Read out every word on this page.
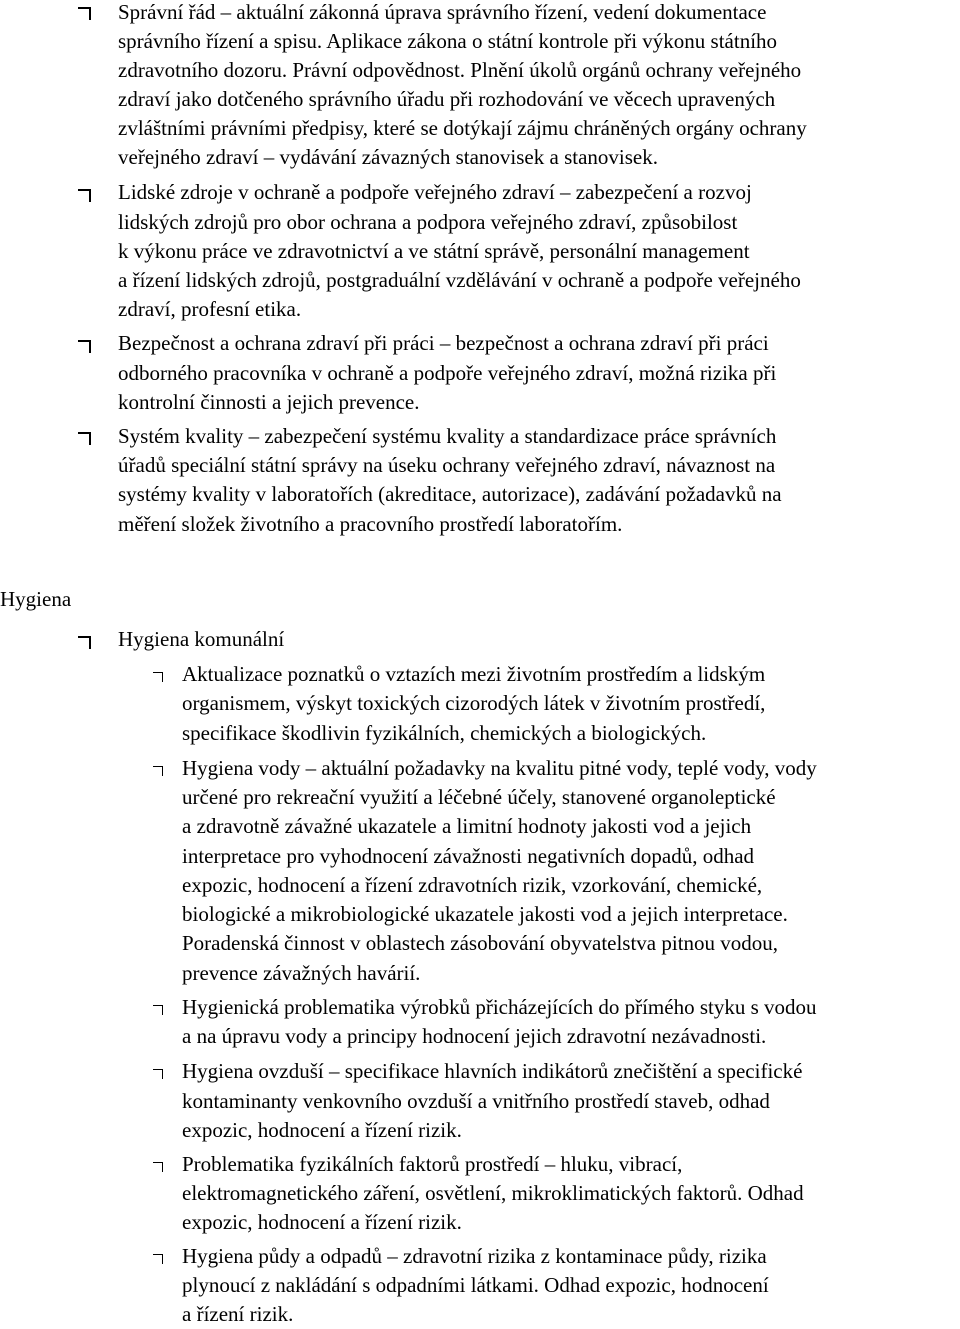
Správní řád – aktuální zákonná úprava správního řízení, vedení dokumentace
správního řízení a spisu. Aplikace zákona o státní kontrole při výkonu státního
zdravotního dozoru. Právní odpovědnost. Plnění úkolů orgánů ochrany veřejného
zdraví jako dotčeného správního úřadu při rozhodování ve věcech upravených
zvláštními právními předpisy, které se dotýkají zájmu chráněných orgány ochrany
veřejného zdraví – vydávání závazných stanovisek a stanovisek.
Lidské zdroje v ochraně a podpoře veřejného zdraví – zabezpečení a rozvoj
lidských zdrojů pro obor ochrana a podpora veřejného zdraví, způsobilost
k výkonu práce ve zdravotnictví a ve státní správě, personální management
a řízení lidských zdrojů, postgraduální vzdělávání v ochraně a podpoře veřejného
zdraví, profesní etika.
Bezpečnost a ochrana zdraví při práci – bezpečnost a ochrana zdraví při práci
odborného pracovníka v ochraně a podpoře veřejného zdraví, možná rizika při
kontrolní činnosti a jejich prevence.
Systém kvality – zabezpečení systému kvality a standardizace práce správních
úřadů speciální státní správy na úseku ochrany veřejného zdraví, návaznost na
systémy kvality v laboratořích (akreditace, autorizace), zadávání požadavků na
měření složek životního a pracovního prostředí laboratořím.
Hygiena
Hygiena komunální
Aktualizace poznatků o vztazích mezi životním prostředím a lidským
organismem, výskyt toxických cizorodých látek v životním prostředí,
specifikace škodlivin fyzikálních, chemických a biologických.
Hygiena vody – aktuální požadavky na kvalitu pitné vody, teplé vody, vody
určené pro rekreační využití a léčebné účely, stanovené organoleptické
a zdravotně závažné ukazatele a limitní hodnoty jakosti vod a jejich
interpretace pro vyhodnocení závažnosti negativních dopadů, odhad
expozic, hodnocení a řízení zdravotních rizik, vzorkování, chemické,
biologické a mikrobiologické ukazatele jakosti vod a jejich interpretace.
Poradenská činnost v oblastech zásobování obyvatelstva pitnou vodou,
prevence závažných havárií.
Hygienická problematika výrobků přicházejících do přímého styku s vodou
a na úpravu vody a principy hodnocení jejich zdravotní nezávadnosti.
Hygiena ovzduší – specifikace hlavních indikátorů znečištění a specifické
kontaminanty venkovního ovzduší a vnitřního prostředí staveb, odhad
expozic, hodnocení a řízení rizik.
Problematika fyzikálních faktorů prostředí – hluku, vibrací,
elektromagnetického záření, osvětlení, mikroklimatických faktorů. Odhad
expozic, hodnocení a řízení rizik.
Hygiena půdy a odpadů – zdravotní rizika z kontaminace půdy, rizika
plynoucí z nakládání s odpadními látkami. Odhad expozic, hodnocení
a řízení rizik.
